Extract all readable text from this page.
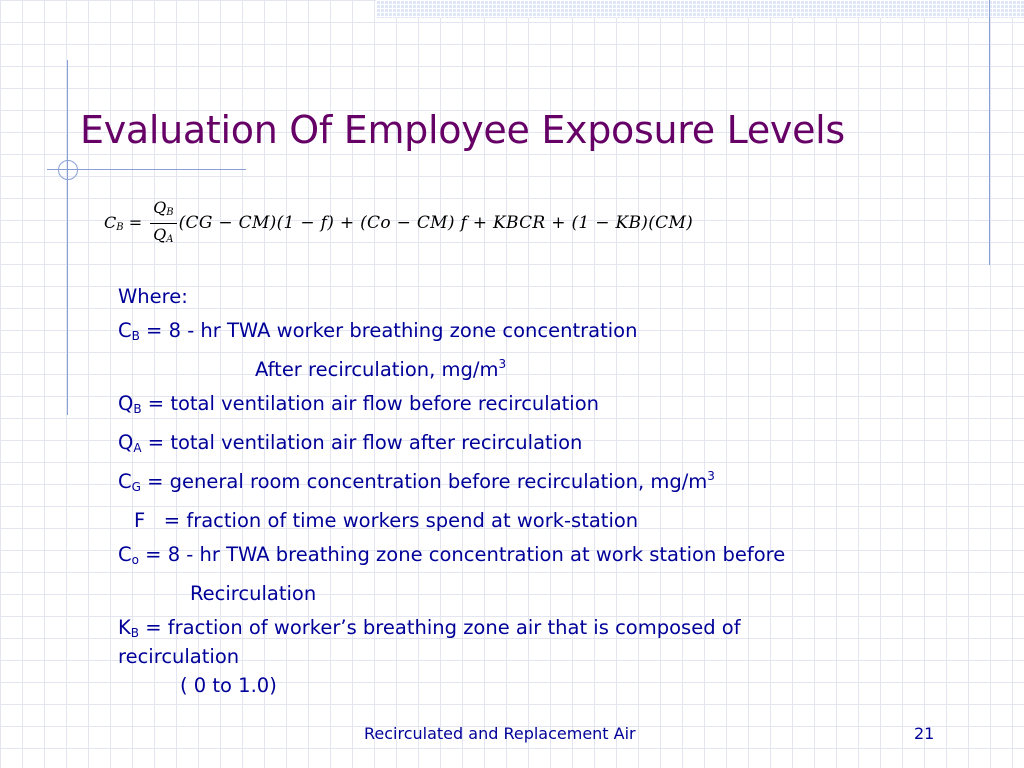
Evaluation Of Employee Exposure Levels
$C_B = \frac{Q_B}{Q_A} (CG - CM)(1 - f) + (Co - CM) f$ + KBCR + (1 − KB)(CM)
Where:
$C_B = 8$ - hr TWA worker breathing zone concentration
After recirculation, $mg/m^3$
$Q_B$ = total ventilation air flow before recirculation
$Q_A$ = total ventilation air flow after recirculation
$C_G$ = general room concentration before recirculation, $mg/m^3$
F   = fraction of time workers spend at work-station
$C_o = 8$ - hr TWA breathing zone concentration at work station before
Recirculation
$K_B$ = fraction of worker’s breathing zone air that is composed of
recirculation
( 0 to 1.0)
Recirculated and Replacement Air	21
